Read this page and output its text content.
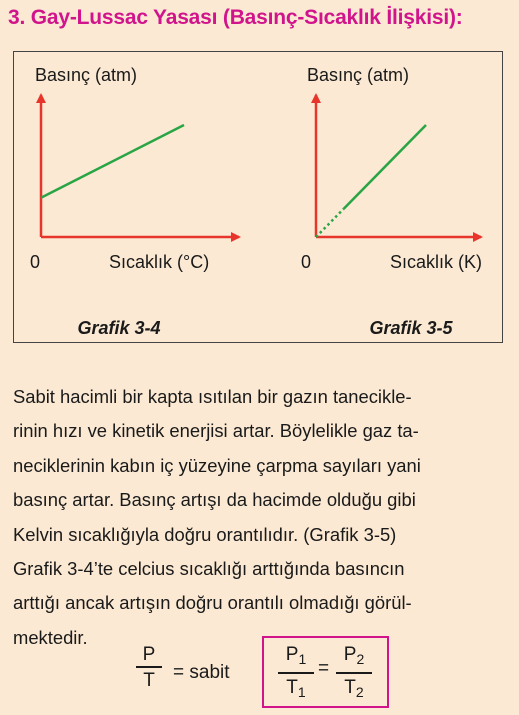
3. Gay-Lussac Yasası (Basınç-Sıcaklık İlişkisi):
Basınç (atm)
Sıcaklık (°C)
0
Grafik 3-4
Basınç (atm)
Sıcaklık (K)
0
Grafik 3-5
Sabit hacimli bir kapta ısıtılan bir gazın tanecikle-
rinin hızı ve kinetik enerjisi artar. Böylelikle gaz ta-
neciklerinin kabın iç yüzeyine çarpma sayıları yani
basınç artar. Basınç artışı da hacimde olduğu gibi
Kelvin sıcaklığıyla doğru orantılıdır. (Grafik 3-5)
Grafik 3-4’te celcius sıcaklığı arttığında basıncın
arttığı ancak artışın doğru orantılı olmadığı görül-
mektedir.
P
T = sabit
$P_1$
$T_1$
=
$P_2$
$T_2$
